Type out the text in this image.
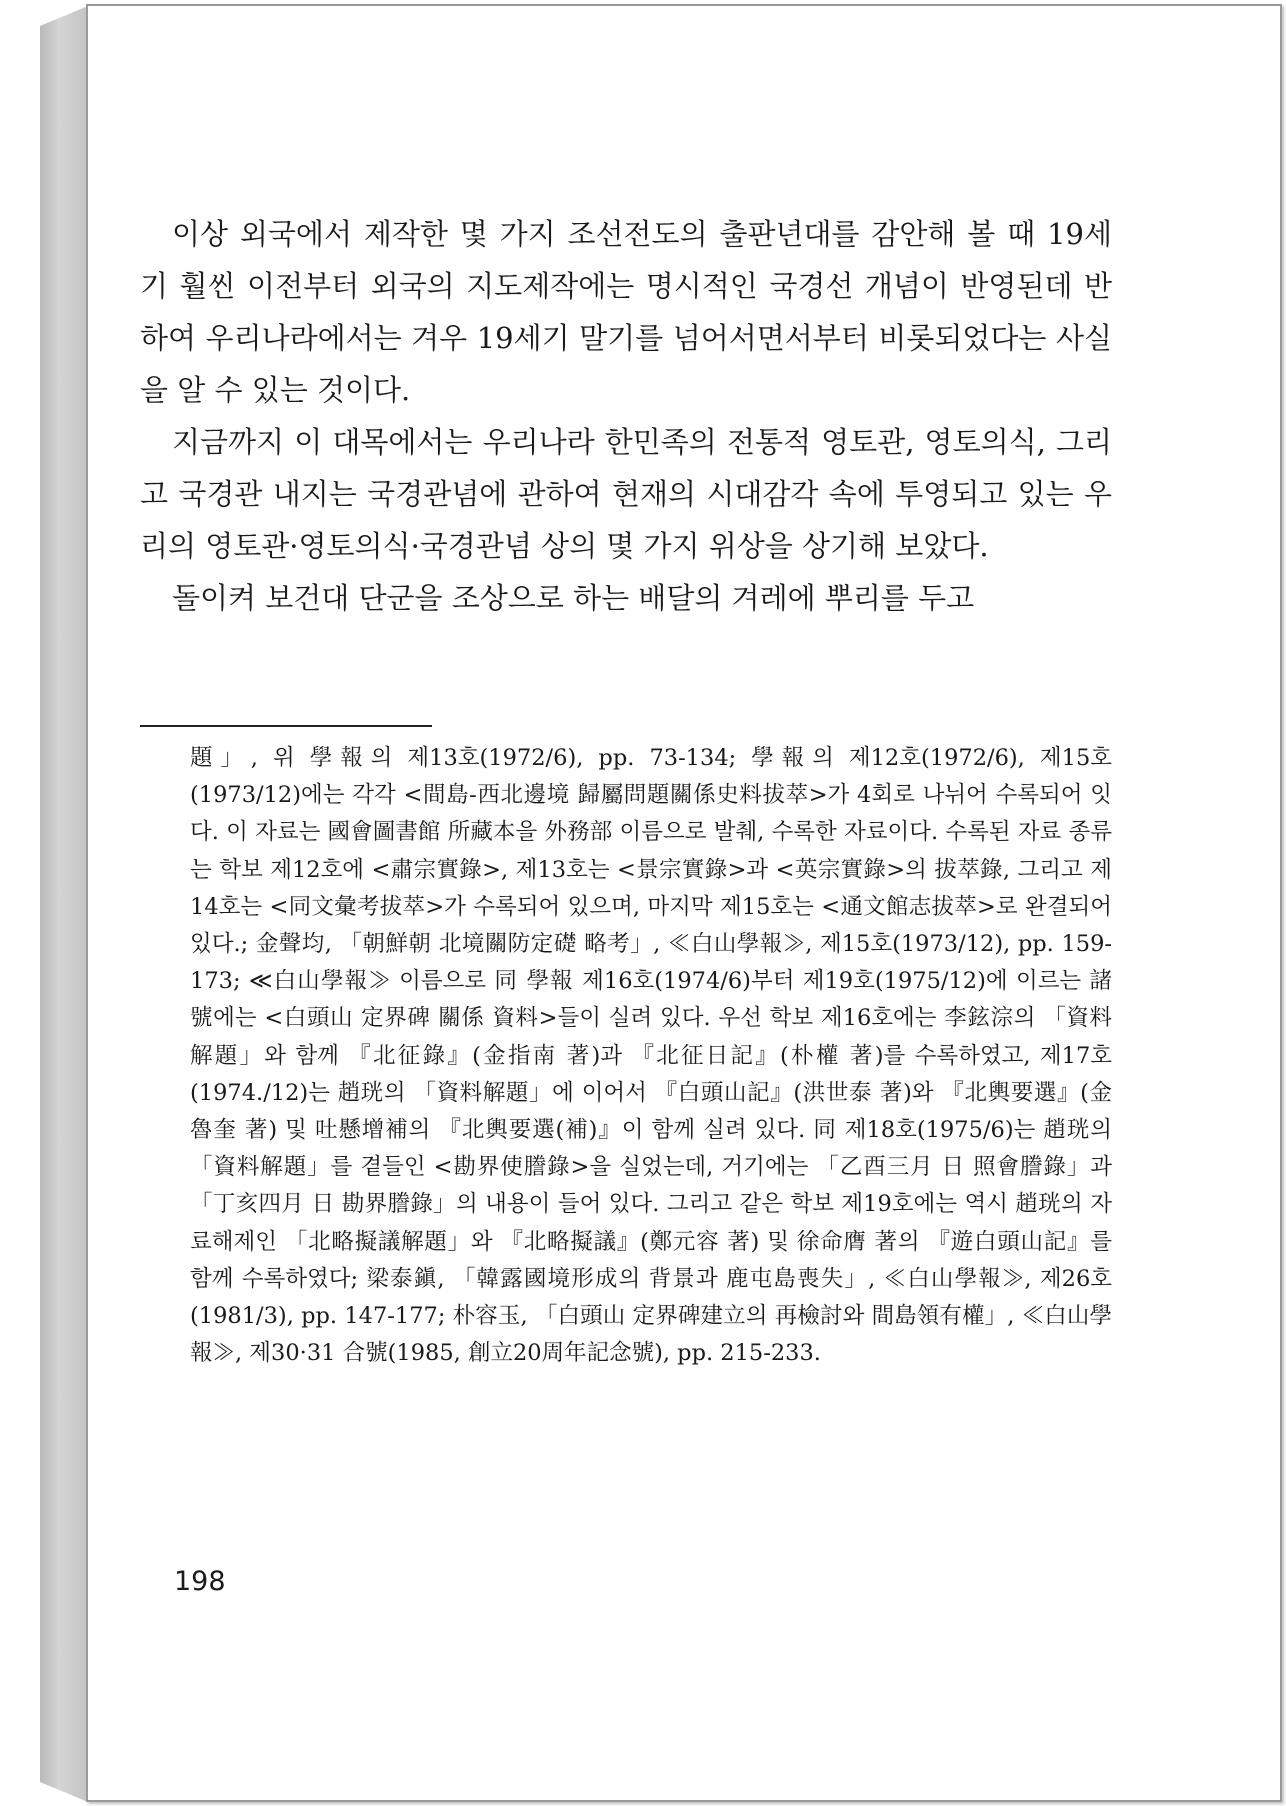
이상 외국에서 제작한 몇 가지 조선전도의 출판년대를 감안해 볼 때 19세기 훨씬 이전부터 외국의 지도제작에는 명시적인 국경선 개념이 반영된데 반하여 우리나라에서는 겨우 19세기 말기를 넘어서면서부터 비롯되었다는 사실을 알 수 있는 것이다.

지금까지 이 대목에서는 우리나라 한민족의 전통적 영토관, 영토의식, 그리고 국경관 내지는 국경관념에 관하여 현재의 시대감각 속에 투영되고 있는 우리의 영토관·영토의식·국경관념 상의 몇 가지 위상을 상기해 보았다.

돌이켜 보건대 단군을 조상으로 하는 배달의 겨레에 뿌리를 두고

題」, 위 學報의 제13호(1972/6), pp. 73-134; 學報의 제12호(1972/6), 제15호(1973/12)에는 각각 <間島-西北邊境 歸屬問題關係史料拔萃>가 4회로 나뉘어 수록되어 잇다. 이 자료는 國會圖書館 所藏本을 外務部 이름으로 발췌, 수록한 자료이다. 수록된 자료 종류는 학보 제12호에 <肅宗實錄>, 제13호는 <景宗實錄>과 <英宗實錄>의 拔萃錄, 그리고 제14호는 <同文彙考拔萃>가 수록되어 있으며, 마지막 제15호는 <通文館志拔萃>로 완결되어 있다.; 金聲均, 「朝鮮朝 北境關防定礎 略考」, ≪白山學報≫, 제15호(1973/12), pp. 159-173; ≪白山學報≫ 이름으로 同 學報 제16호(1974/6)부터 제19호(1975/12)에 이르는 諸號에는 <白頭山 定界碑 關係 資料>들이 실려 있다. 우선 학보 제16호에는 李鉉淙의 「資料解題」와 함께 『北征錄』(金指南 著)과 『北征日記』(朴權 著)를 수록하였고, 제17호(1974./12)는 趙珖의 「資料解題」에 이어서 『白頭山記』(洪世泰 著)와 『北輿要選』(金魯奎 著) 및 吐懸增補의 『北輿要選(補)』이 함께 실려 있다. 同 제18호(1975/6)는 趙珖의 「資料解題」를 곁들인 <勘界使謄錄>을 실었는데, 거기에는 「乙酉三月 日 照會謄錄」과 「丁亥四月 日 勘界謄錄」의 내용이 들어 있다. 그리고 같은 학보 제19호에는 역시 趙珖의 자료해제인 「北略擬議解題」와 『北略擬議』(鄭元容 著) 및 徐命膺 著의 『遊白頭山記』를 함께 수록하였다; 梁泰鎭, 「韓露國境形成의 背景과 鹿屯島喪失」, ≪白山學報≫, 제26호(1981/3), pp. 147-177; 朴容玉, 「白頭山 定界碑建立의 再檢討와 間島領有權」, ≪白山學報≫, 제30·31 合號(1985, 創立20周年記念號), pp. 215-233.
198
